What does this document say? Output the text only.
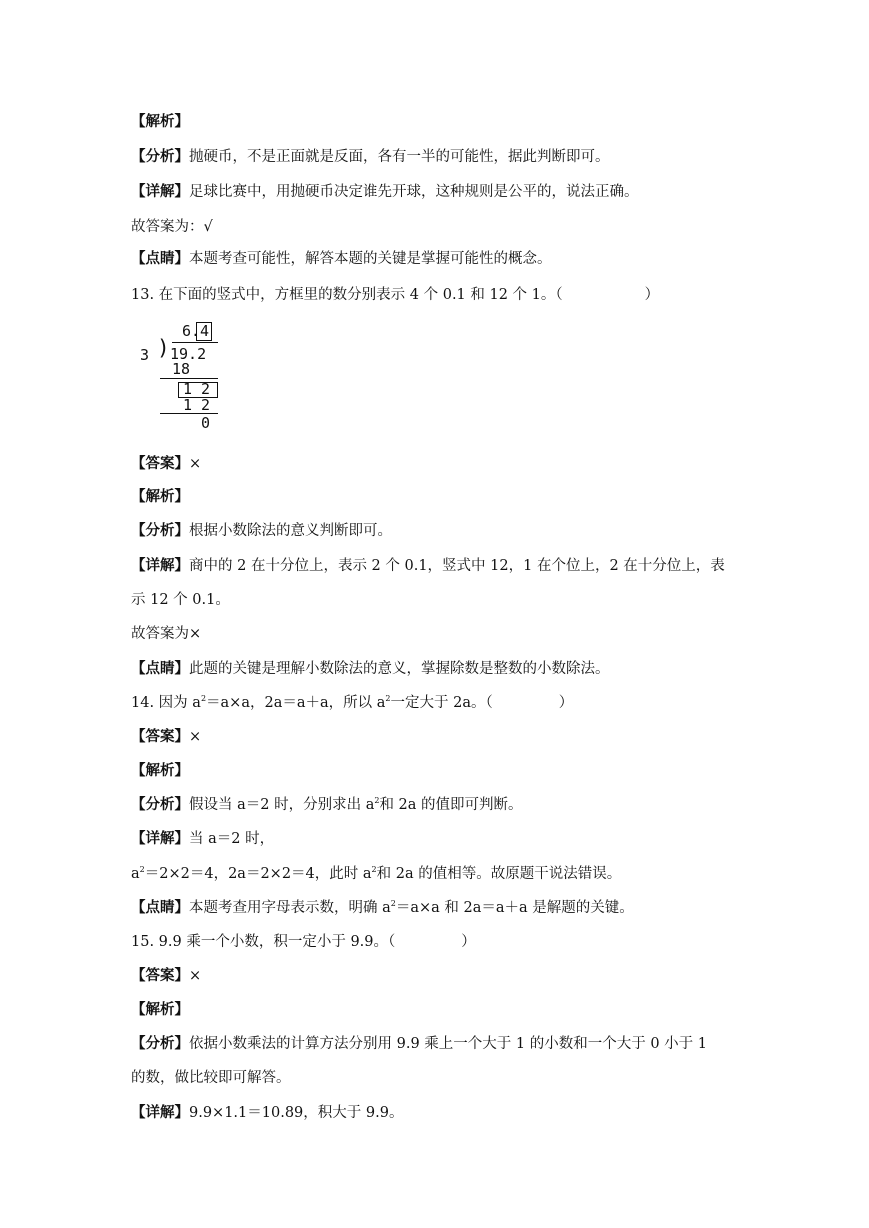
【解析】
【分析】抛硬币，不是正面就是反面，各有一半的可能性，据此判断即可。
【详解】足球比赛中，用抛硬币决定谁先开球，这种规则是公平的，说法正确。
故答案为：√
【点睛】本题考查可能性，解答本题的关键是掌握可能性的概念。
13. 在下面的竖式中，方框里的数分别表示 4 个 0.1 和 12 个 1。（	）
6. 4
3 ) 19.2
18
1 2
1 2
0
【答案】×
【解析】
【分析】根据小数除法的意义判断即可。
【详解】商中的 2 在十分位上，表示 2 个 0.1，竖式中 12，1 在个位上，2 在十分位上，表
示 12 个 0.1。
故答案为×
【点睛】此题的关键是理解小数除法的意义，掌握除数是整数的小数除法。
14. 因为 $a^2=a\times a$，2a＝a＋a，所以 $a^2$一定大于 2a。（	）
【答案】×
【解析】
【分析】假设当 a＝2 时，分别求出 $a^2$和 2a 的值即可判断。
【详解】当 a＝2 时，
$a^2=2\times 2=4$，2a＝2×2＝4，此时 $a^2$和 2a 的值相等。故原题干说法错误。
【点睛】本题考查用字母表示数，明确 $a^2=a\times a$ 和 2a＝a＋a 是解题的关键。
15. 9.9 乘一个小数，积一定小于 9.9。（	）
【答案】×
【解析】
【分析】依据小数乘法的计算方法分别用 9.9 乘上一个大于 1 的小数和一个大于 0 小于 1
的数，做比较即可解答。
【详解】9.9×1.1＝10.89，积大于 9.9。
